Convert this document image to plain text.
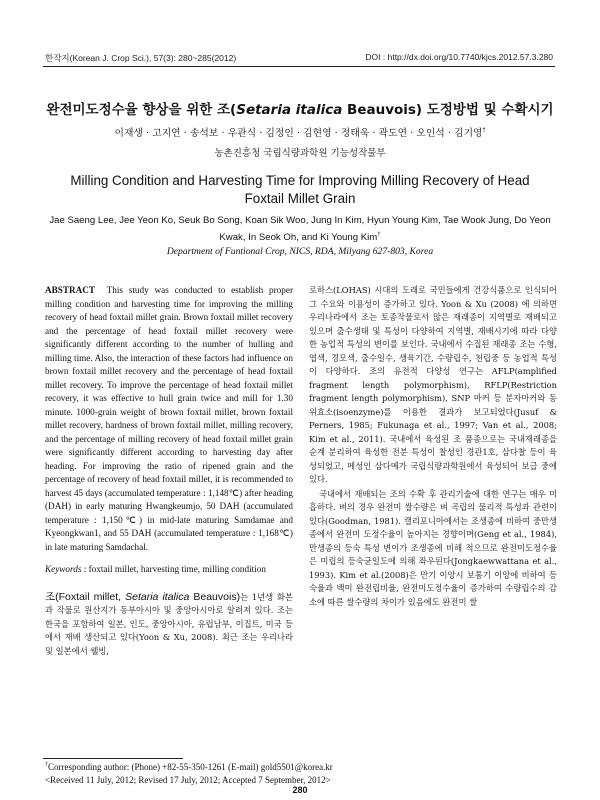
한작지(Korean J. Crop Sci.), 57(3): 280~285(2012)	DOI : http://dx.doi.org/10.7740/kjcs.2012.57.3.280
완전미도정수율 향상을 위한 조(Setaria italica Beauvois) 도정방법 및 수확시기
이재생 · 고지연 · 송석보 · 우관식 · 김정인 · 김현영 · 정태욱 · 곽도연 · 오인석 · 김기영†
농촌진흥청 국립식량과학원 기능성작물부
Milling Condition and Harvesting Time for Improving Milling Recovery of Head Foxtail Millet Grain
Jae Saeng Lee, Jee Yeon Ko, Seuk Bo Song, Koan Sik Woo, Jung In Kim, Hyun Young Kim, Tae Wook Jung, Do Yeon Kwak, In Seok Oh, and Ki Young Kim†
Department of Funtional Crop, NICS, RDA, Milyang 627-803, Korea

ABSTRACT This study was conducted to establish proper milling condition and harvesting time for improving the milling recovery of head foxtail millet grain. Brown foxtail millet recovery and the percentage of head foxtail millet recovery were significantly different according to the number of hulling and milling time. Also, the interaction of these factors had influence on brown foxtail millet recovery and the percentage of head foxtail millet recovery. To improve the percentage of head foxtail millet recovery, it was effective to hull grain twice and mill for 1.30 minute. 1000-grain weight of brown foxtail millet, brown foxtail millet recovery, hardness of brown foxtail millet, milling recovery, and the percentage of milling recovery of head foxtail millet grain were significantly different according to harvesting day after heading. For improving the ratio of ripened grain and the percentage of recovery of head foxtail millet, it is recommended to harvest 45 days (accumulated temperature : 1,148℃) after heading (DAH) in early maturing Hwangkeumjo, 50 DAH (accumulated temperature : 1,150℃) in mid-late maturing Samdamae and Kyeongkwan1, and 55 DAH (accumulated temperature : 1,168℃) in late maturing Samdachal.

Keywords : foxtail millet, harvesting time, milling condition

조(Foxtail millet, Setaria italica Beauvois)는 1년생 화본과 작물로 원산지가 동부아시아 및 중앙아시아로 알려져 있다. 조는 한국을 포함하여 일본, 인도, 중앙아시아, 유럽남부, 이집트, 미국 등에서 재배 생산되고 있다(Yoon & Xu, 2008). 최근 조는 우리나라 및 일본에서 웰빙,

로하스(LOHAS) 시대의 도래로 국민들에게 건강식품으로 인식되어 그 수요와 이용성이 증가하고 있다. Yoon & Xu (2008) 에 의하면 우리나라에서 조는 토종작물로서 많은 재래종이 지역별로 재배되고 있으며 출수생태 및 특성이 다양하여 지역별, 재배시기에 따라 다양한 농업적 특성의 변이를 보인다. 국내에서 수집된 재래종 조는 수형, 엽색, 경모색, 출수일수, 생육기간, 수량립수, 천립중 등 농업적 특성이 다양하다. 조의 유전적 다양성 연구는 AFLP(amplified fragment length polymorphism), RFLP(Restriction fragment length polymorphism), SNP 마커 등 분자마커와 동위효소(isoenzyme)를 이용한 결과가 보고되었다(Jusuf & Perners, 1985; Fukunaga et al., 1997; Van et al., 2008; Kim et al., 2011). 국내에서 육성된 조 품종으로는 국내재래종을 순계 분리하여 육성한 전분 특성이 찰성인 경관1호, 삼다찰 등이 육성되었고, 메성인 삼다메가 국립식량과학원에서 육성되어 보급 중에 있다.

국내에서 재배되는 조의 수확 후 관리기술에 대한 연구는 매우 미흡하다. 벼의 경우 완전미 쌀수량은 벼 곡립의 물리적 특성과 관련이 있다(Goodman, 1981). 캘리포니아에서는 조생종에 비하여 중만생종에서 완전미 도정수율이 높아지는 경향이며(Geng et al., 1984), 만생종의 등숙 특성 변이가 조생종에 비해 적으므로 완전미도정수율은 미립의 등숙균일도에 의해 좌우된다(Jongkaewwattana et al., 1993). Kim et al.(2008)은 만기 이앙시 보통기 이앙에 비하여 등숙율과 백미 완전립비율, 완전미도정수율이 증가하여 수량립수의 감소에 따른 쌀수량의 차이가 있음에도 완전미 쌀

†Corresponding author: (Phone) +82-55-350-1261 (E-mail) gold5501@korea.kr
<Received 11 July, 2012; Revised 17 July, 2012; Accepted 7 September, 2012>
280
